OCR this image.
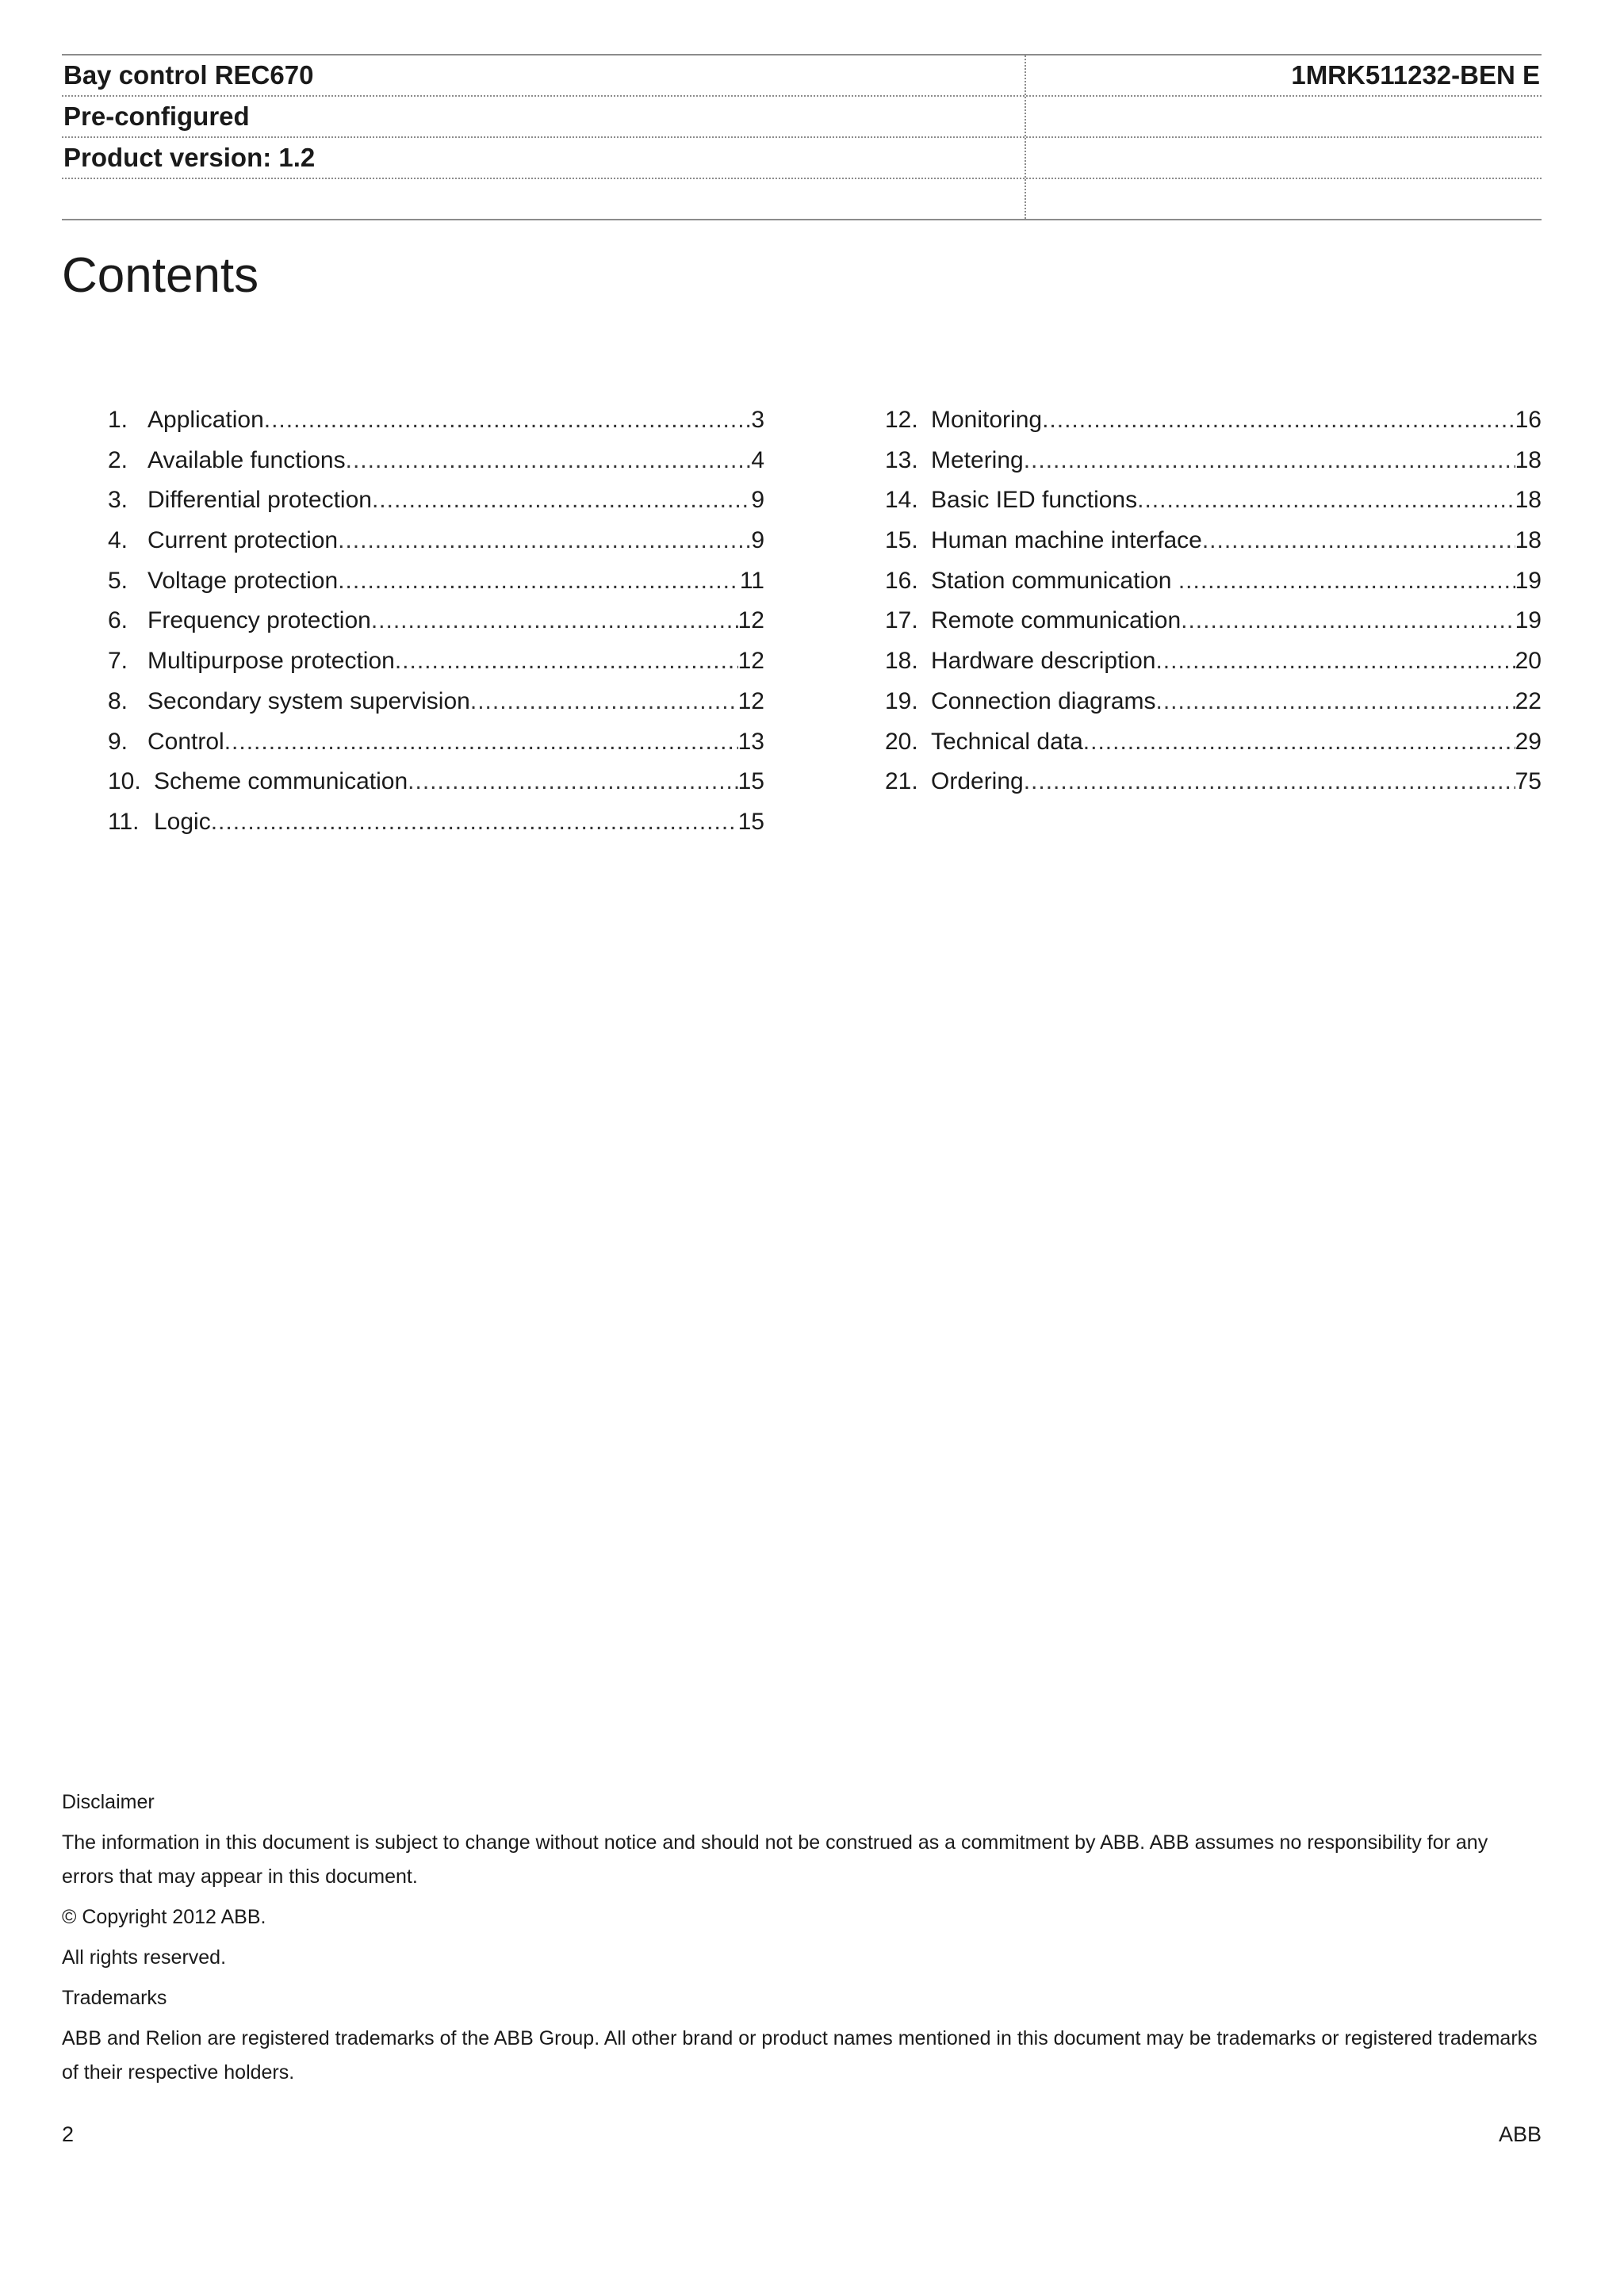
Bay control REC670	1MRK511232-BEN E
Pre-configured
Product version: 1.2
Contents
1. Application .....	3
2. Available functions .....	4
3. Differential protection .....	9
4. Current protection .....	9
5. Voltage protection .....	11
6. Frequency protection .....	12
7. Multipurpose protection .....	12
8. Secondary system supervision .....	12
9. Control .....	13
10. Scheme communication .....	15
11. Logic .....	15
12. Monitoring .....	16
13. Metering .....	18
14. Basic IED functions .....	18
15. Human machine interface .....	18
16. Station communication .....	19
17. Remote communication .....	19
18. Hardware description .....	20
19. Connection diagrams .....	22
20. Technical data .....	29
21. Ordering .....	75

Disclaimer

The information in this document is subject to change without notice and should not be construed as a commitment by ABB. ABB assumes no responsibility for any errors that may appear in this document.

© Copyright 2012 ABB.

All rights reserved.

Trademarks

ABB and Relion are registered trademarks of the ABB Group. All other brand or product names mentioned in this document may be trademarks or registered trademarks of their respective holders.

2	ABB
